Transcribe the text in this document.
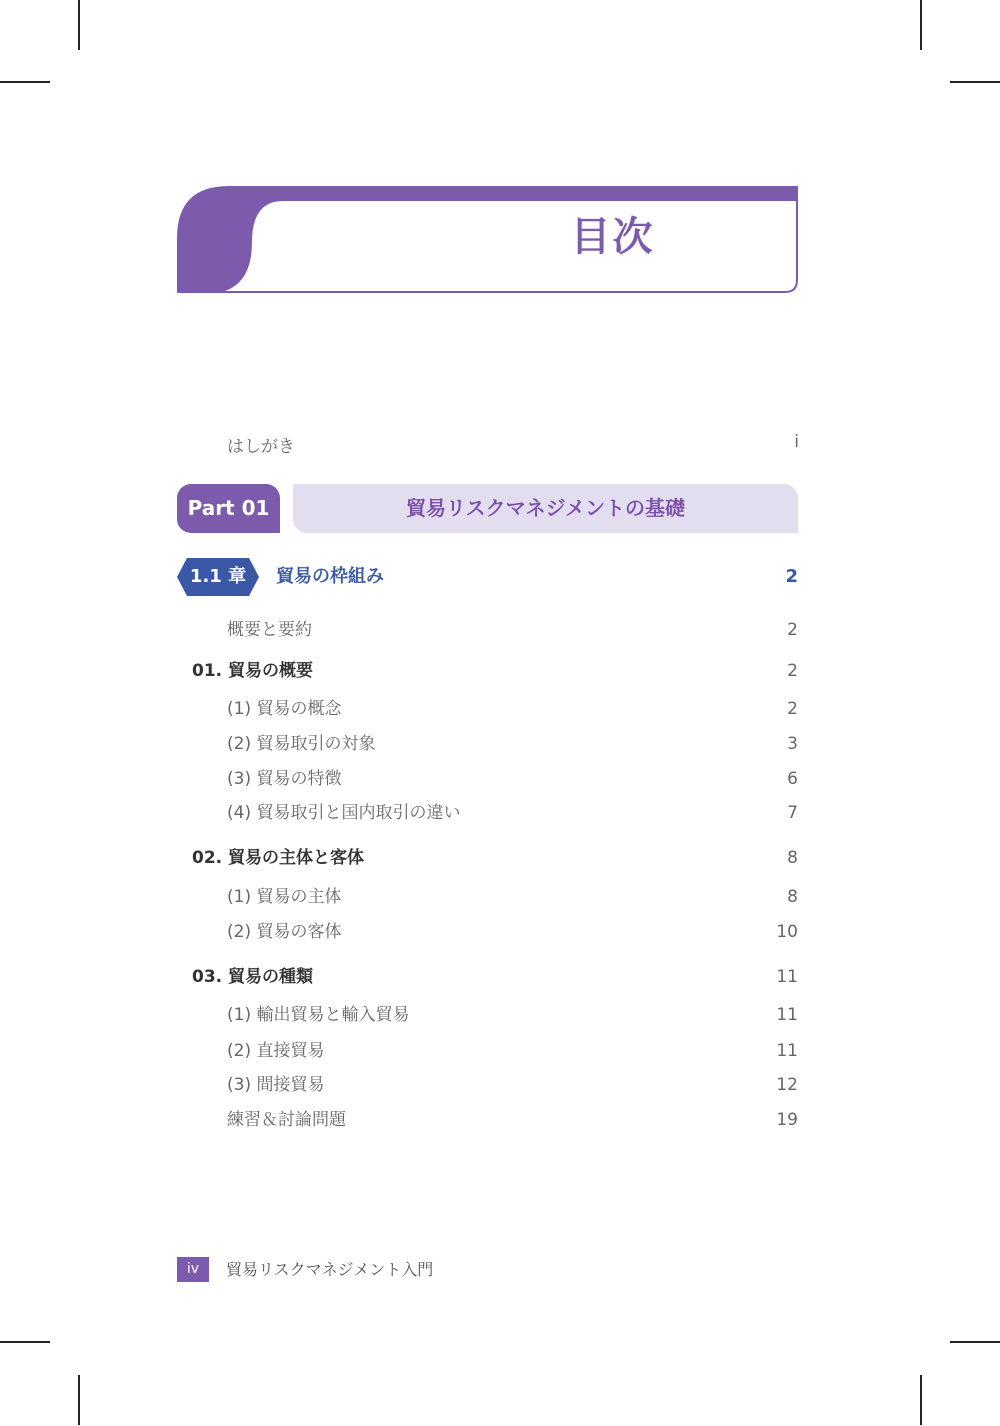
目次
はしがき	i
Part 01	貿易リスクマネジメントの基礎
1.1 章	貿易の枠組み	2
概要と要約	2
01. 貿易の概要	2
(1) 貿易の概念	2
(2) 貿易取引の対象	3
(3) 貿易の特徴	6
(4) 貿易取引と国内取引の違い	7
02. 貿易の主体と客体	8
(1) 貿易の主体	8
(2) 貿易の客体	10
03. 貿易の種類	11
(1) 輸出貿易と輸入貿易	11
(2) 直接貿易	11
(3) 間接貿易	12
練習＆討論問題	19
iv	貿易リスクマネジメント入門
